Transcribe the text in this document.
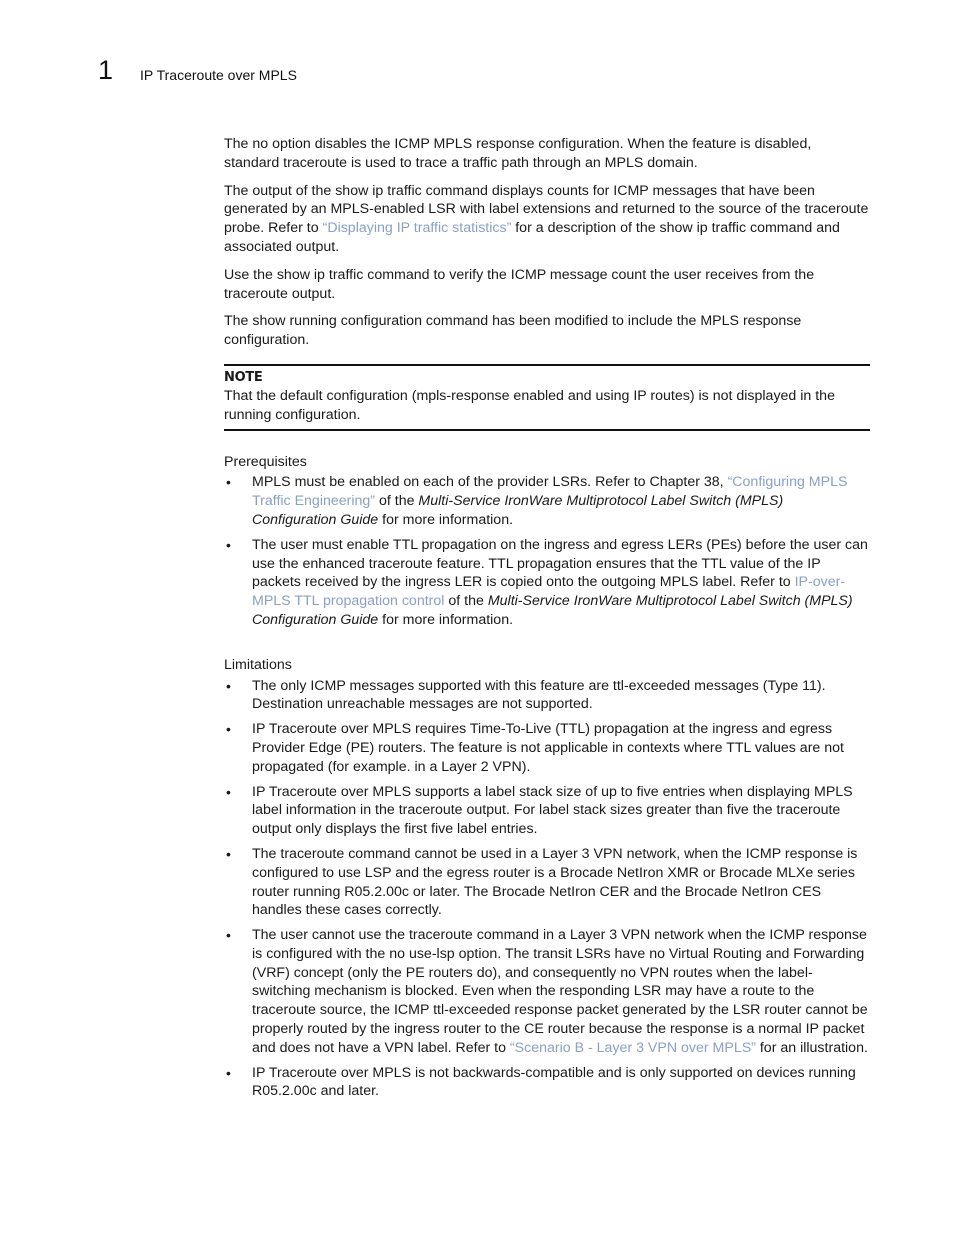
1 IP Traceroute over MPLS

The no option disables the ICMP MPLS response configuration. When the feature is disabled, standard traceroute is used to trace a traffic path through an MPLS domain.

The output of the show ip traffic command displays counts for ICMP messages that have been generated by an MPLS-enabled LSR with label extensions and returned to the source of the traceroute probe. Refer to “Displaying IP traffic statistics” for a description of the show ip traffic command and associated output.

Use the show ip traffic command to verify the ICMP message count the user receives from the traceroute output.

The show running configuration command has been modified to include the MPLS response configuration.

NOTE
That the default configuration (mpls-response enabled and using IP routes) is not displayed in the running configuration.
Prerequisites
• MPLS must be enabled on each of the provider LSRs. Refer to Chapter 38, “Configuring MPLS Traffic Engineering” of the Multi-Service IronWare Multiprotocol Label Switch (MPLS) Configuration Guide for more information.
• The user must enable TTL propagation on the ingress and egress LERs (PEs) before the user can use the enhanced traceroute feature. TTL propagation ensures that the TTL value of the IP packets received by the ingress LER is copied onto the outgoing MPLS label. Refer to IP-over-MPLS TTL propagation control of the Multi-Service IronWare Multiprotocol Label Switch (MPLS) Configuration Guide for more information.
Limitations
• The only ICMP messages supported with this feature are ttl-exceeded messages (Type 11). Destination unreachable messages are not supported.
• IP Traceroute over MPLS requires Time-To-Live (TTL) propagation at the ingress and egress Provider Edge (PE) routers. The feature is not applicable in contexts where TTL values are not propagated (for example. in a Layer 2 VPN).
• IP Traceroute over MPLS supports a label stack size of up to five entries when displaying MPLS label information in the traceroute output. For label stack sizes greater than five the traceroute output only displays the first five label entries.
• The traceroute command cannot be used in a Layer 3 VPN network, when the ICMP response is configured to use LSP and the egress router is a Brocade NetIron XMR or Brocade MLXe series router running R05.2.00c or later. The Brocade NetIron CER and the Brocade NetIron CES handles these cases correctly.
• The user cannot use the traceroute command in a Layer 3 VPN network when the ICMP response is configured with the no use-lsp option. The transit LSRs have no Virtual Routing and Forwarding (VRF) concept (only the PE routers do), and consequently no VPN routes when the label-switching mechanism is blocked. Even when the responding LSR may have a route to the traceroute source, the ICMP ttl-exceeded response packet generated by the LSR router cannot be properly routed by the ingress router to the CE router because the response is a normal IP packet and does not have a VPN label. Refer to “Scenario B - Layer 3 VPN over MPLS” for an illustration.
• IP Traceroute over MPLS is not backwards-compatible and is only supported on devices running R05.2.00c and later.
